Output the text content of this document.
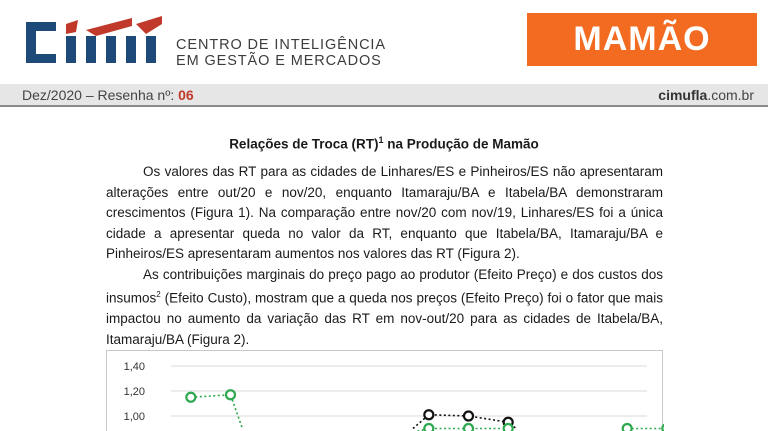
CENTRO DE INTELIGÊNCIA
EM GESTÃO E MERCADOS
MAMÃO
Dez/2020 – Resenha nº: 06	cimufla.com.br
Relações de Troca (RT)$^1$ na Produção de Mamão

Os valores das RT para as cidades de Linhares/ES e Pinheiros/ES não apresentaram alterações entre out/20 e nov/20, enquanto Itamaraju/BA e Itabela/BA demonstraram crescimentos (Figura 1). Na comparação entre nov/20 com nov/19, Linhares/ES foi a única cidade a apresentar queda no valor da RT, enquanto que Itabela/BA, Itamaraju/BA e Pinheiros/ES apresentaram aumentos nos valores das RT (Figura 2).

As contribuições marginais do preço pago ao produtor (Efeito Preço) e dos custos dos insumos$^2$ (Efeito Custo), mostram que a queda nos preços (Efeito Preço) foi o fator que mais impactou no aumento da variação das RT em nov-out/20 para as cidades de Itabela/BA, Itamaraju/BA (Figura 2).

1,40
1,20
1,00
